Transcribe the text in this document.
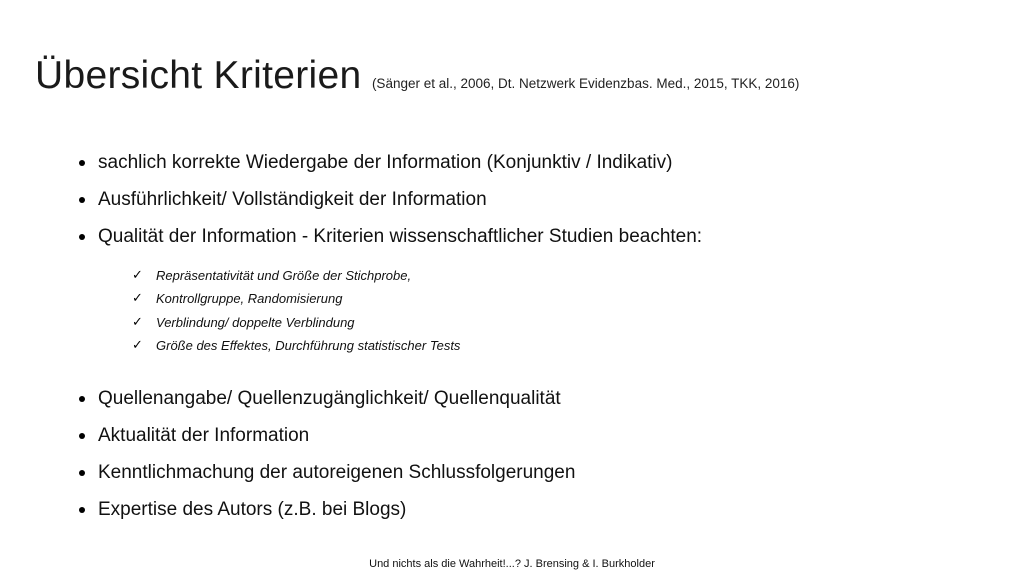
Übersicht Kriterien (Sänger et al., 2006, Dt. Netzwerk Evidenzbas. Med., 2015, TKK, 2016)
sachlich korrekte Wiedergabe der Information (Konjunktiv / Indikativ)
Ausführlichkeit/ Vollständigkeit der Information
Qualität der Information - Kriterien wissenschaftlicher Studien beachten:
✓ Repräsentativität und Größe der Stichprobe,
✓ Kontrollgruppe, Randomisierung
✓ Verblindung/ doppelte Verblindung
✓ Größe des Effektes, Durchführung statistischer Tests
Quellenangabe/ Quellenzugänglichkeit/ Quellenqualität
Aktualität der Information
Kenntlichmachung der autoreigenen Schlussfolgerungen
Expertise des Autors (z.B. bei Blogs)
Und nichts als die Wahrheit!...? J. Brensing & I. Burkholder
